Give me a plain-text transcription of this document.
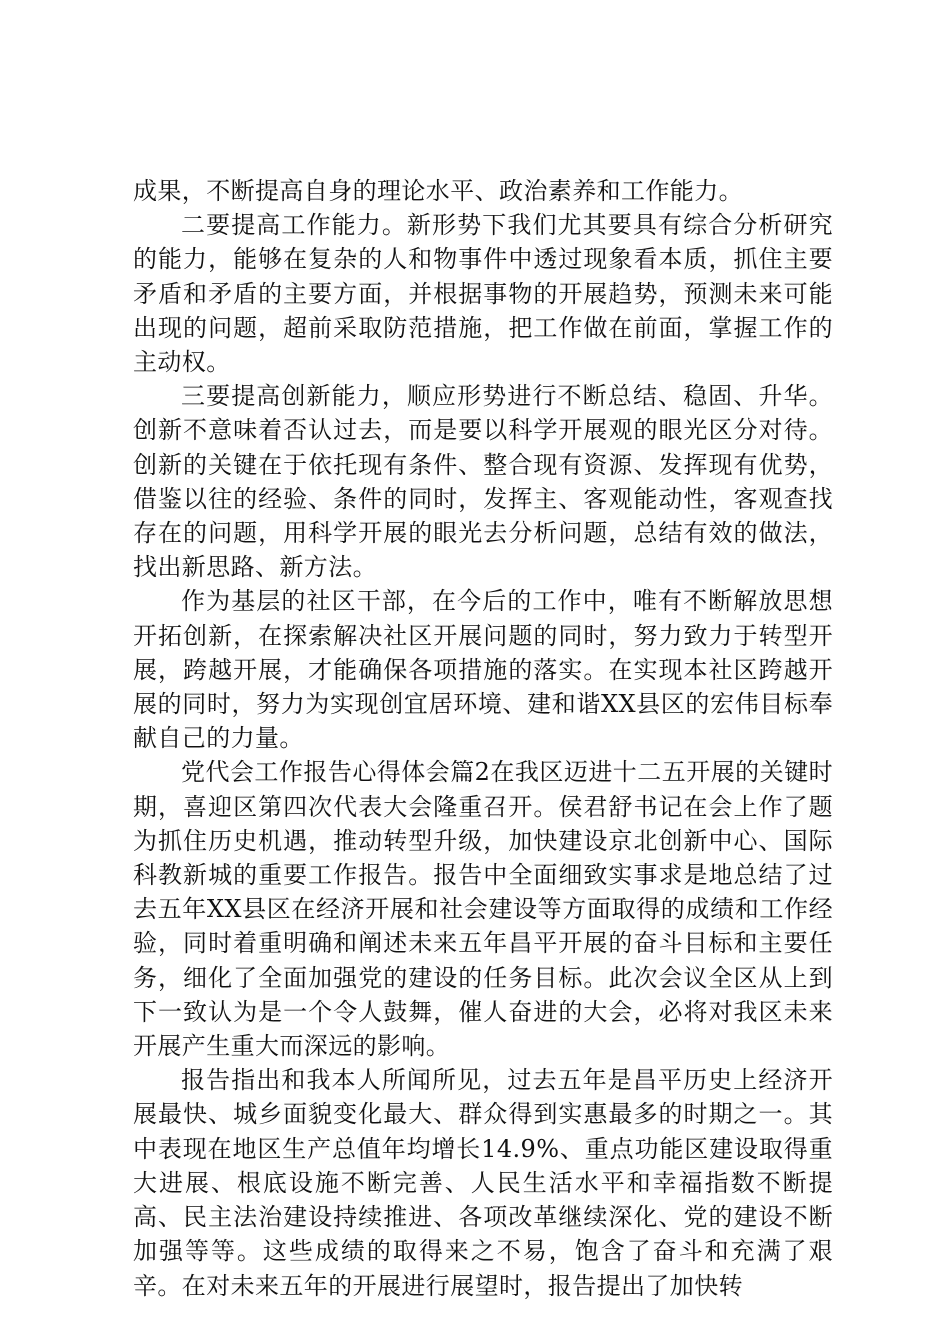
成果，不断提高自身的理论水平、政治素养和工作能力。

二要提高工作能力。新形势下我们尤其要具有综合分析研究的能力，能够在复杂的人和物事件中透过现象看本质，抓住主要矛盾和矛盾的主要方面，并根据事物的开展趋势，预测未来可能出现的问题，超前采取防范措施，把工作做在前面，掌握工作的主动权。

三要提高创新能力，顺应形势进行不断总结、稳固、升华。创新不意味着否认过去，而是要以科学开展观的眼光区分对待。创新的关键在于依托现有条件、整合现有资源、发挥现有优势，借鉴以往的经验、条件的同时，发挥主、客观能动性，客观查找存在的问题，用科学开展的眼光去分析问题，总结有效的做法，找出新思路、新方法。

作为基层的社区干部，在今后的工作中，唯有不断解放思想开拓创新，在探索解决社区开展问题的同时，努力致力于转型开展，跨越开展，才能确保各项措施的落实。在实现本社区跨越开展的同时，努力为实现创宜居环境、建和谐XX县区的宏伟目标奉献自己的力量。

党代会工作报告心得体会篇2在我区迈进十二五开展的关键时期，喜迎区第四次代表大会隆重召开。侯君舒书记在会上作了题为抓住历史机遇，推动转型升级，加快建设京北创新中心、国际科教新城的重要工作报告。报告中全面细致实事求是地总结了过去五年XX县区在经济开展和社会建设等方面取得的成绩和工作经验，同时着重明确和阐述未来五年昌平开展的奋斗目标和主要任务，细化了全面加强党的建设的任务目标。此次会议全区从上到下一致认为是一个令人鼓舞，催人奋进的大会，必将对我区未来开展产生重大而深远的影响。

报告指出和我本人所闻所见，过去五年是昌平历史上经济开展最快、城乡面貌变化最大、群众得到实惠最多的时期之一。其中表现在地区生产总值年均增长14.9%、重点功能区建设取得重大进展、根底设施不断完善、人民生活水平和幸福指数不断提高、民主法治建设持续推进、各项改革继续深化、党的建设不断加强等等。这些成绩的取得来之不易，饱含了奋斗和充满了艰辛。在对未来五年的开展进行展望时，报告提出了加快转
